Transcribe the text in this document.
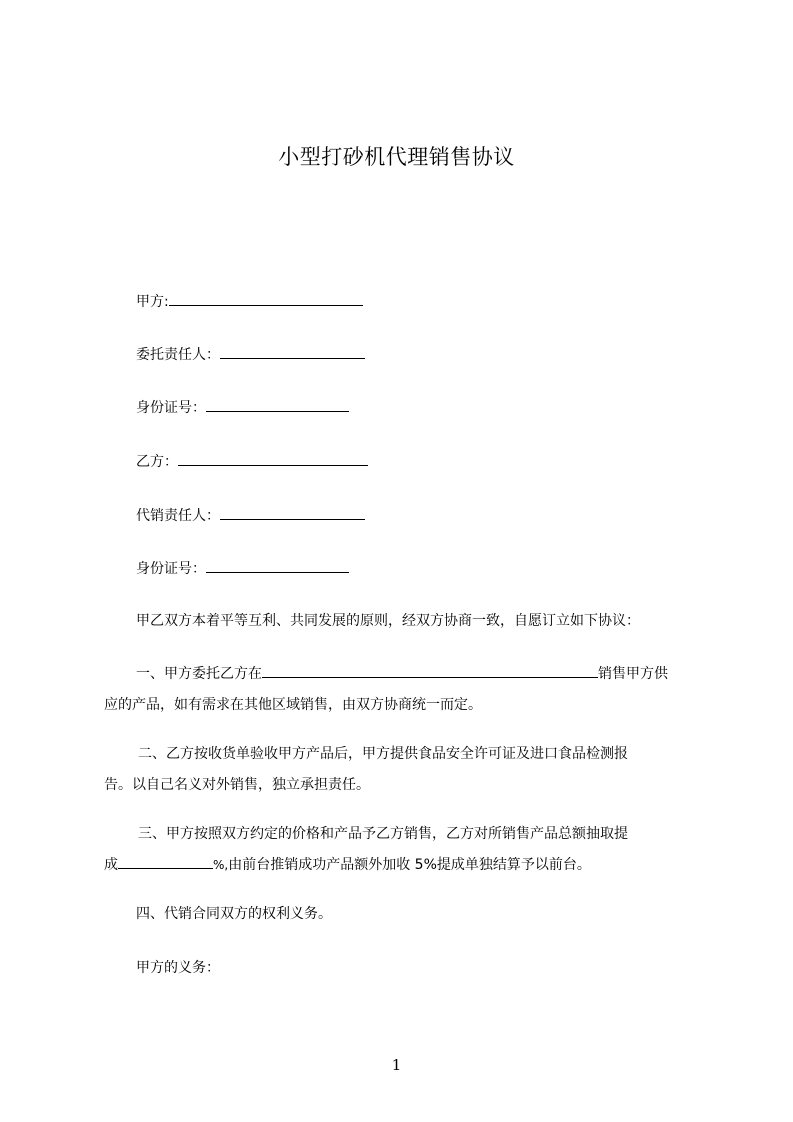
小型打砂机代理销售协议
甲方:
委托责任人：
身份证号：
乙方：
代销责任人：
身份证号：
甲乙双方本着平等互利、共同发展的原则，经双方协商一致，自愿订立如下协议：
一、甲方委托乙方在	销售甲方供
应的产品，如有需求在其他区域销售，由双方协商统一而定。
二、乙方按收货单验收甲方产品后，甲方提供食品安全许可证及进口食品检测报
告。以自己名义对外销售，独立承担责任。
三、甲方按照双方约定的价格和产品予乙方销售，乙方对所销售产品总额抽取提
成	%,由前台推销成功产品额外加收 5%提成单独结算予以前台。
四、代销合同双方的权利义务。
甲方的义务：
1
